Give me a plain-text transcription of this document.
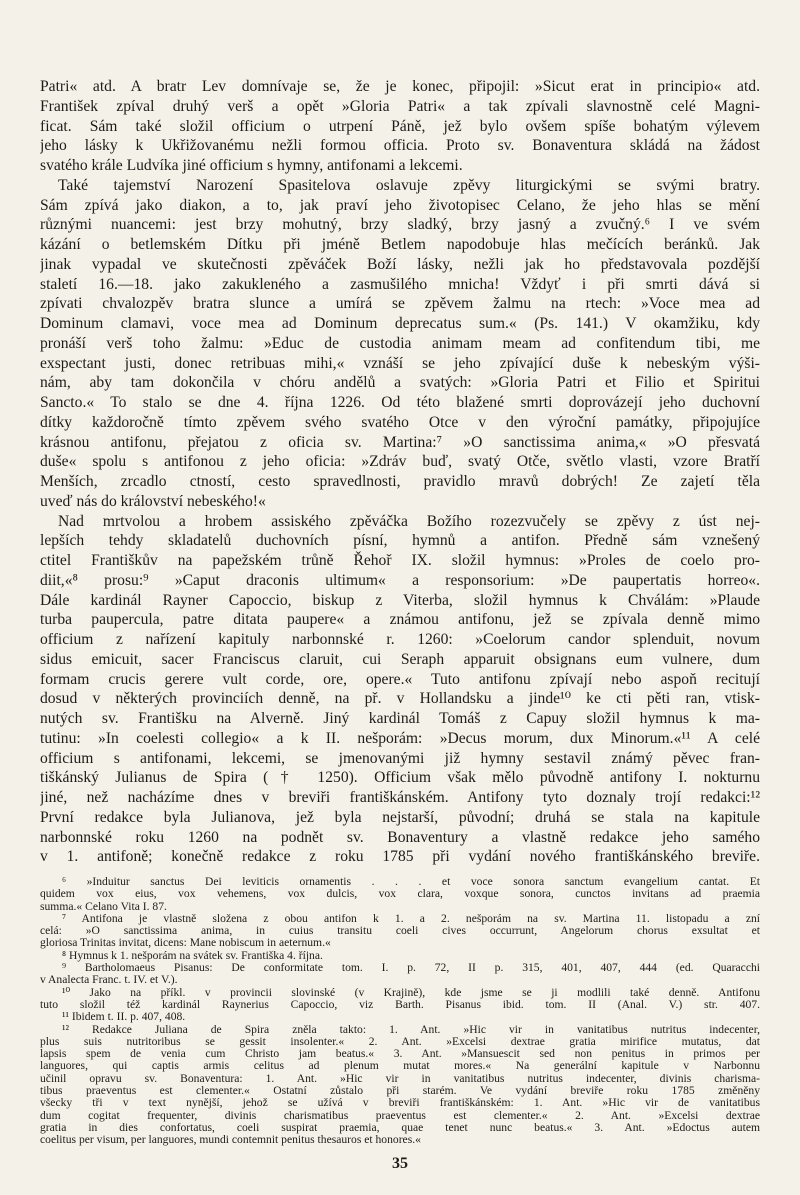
Patri« atd. A bratr Lev domnívaje se, že je konec, připojil: »Sicut erat in principio« atd.
František zpíval druhý verš a opět »Gloria Patri« a tak zpívali slavnostně celé Magni-
ficat. Sám také složil officium o utrpení Páně, jež bylo ovšem spíše bohatým výlevem
jeho lásky k Ukřižovanému nežli formou officia. Proto sv. Bonaventura skládá na žádost
svatého krále Ludvíka jiné officium s hymny, antifonami a lekcemi.
Také tajemství Narození Spasitelova oslavuje zpěvy liturgickými se svými bratry.
Sám zpívá jako diakon, a to, jak praví jeho životopisec Celano, že jeho hlas se mění
různými nuancemi: jest brzy mohutný, brzy sladký, brzy jasný a zvučný.⁶ I ve svém
kázání o betlemském Dítku při jméně Betlem napodobuje hlas mečících beránků. Jak
jinak vypadal ve skutečnosti zpěváček Boží lásky, nežli jak ho představovala pozdější
staletí 16.—18. jako zakukleného a zasmušilého mnicha! Vždyť i při smrti dává si
zpívati chvalozpěv bratra slunce a umírá se zpěvem žalmu na rtech: »Voce mea ad
Dominum clamavi, voce mea ad Dominum deprecatus sum.« (Ps. 141.) V okamžiku, kdy
pronáší verš toho žalmu: »Educ de custodia animam meam ad confitendum tibi, me
exspectant justi, donec retribuas mihi,« vznáší se jeho zpívající duše k nebeským výši-
nám, aby tam dokončila v chóru andělů a svatých: »Gloria Patri et Filio et Spiritui
Sancto.« To stalo se dne 4. října 1226. Od této blažené smrti doprovázejí jeho duchovní
dítky každoročně tímto zpěvem svého svatého Otce v den výroční památky, připojujíce
krásnou antifonu, přejatou z oficia sv. Martina:⁷ »O sanctissima anima,« »O přesvatá
duše« spolu s antifonou z jeho oficia: »Zdráv buď, svatý Otče, světlo vlasti, vzore Bratří
Menších, zrcadlo ctností, cesto spravedlnosti, pravidlo mravů dobrých! Ze zajetí těla
uveď nás do království nebeského!«
Nad mrtvolou a hrobem assiského zpěváčka Božího rozezvučely se zpěvy z úst nej-
lepších tehdy skladatelů duchovních písní, hymnů a antifon. Předně sám vznešený
ctitel Františkův na papežském trůně Řehoř IX. složil hymnus: »Proles de coelo pro-
diit,«⁸ prosu:⁹ »Caput draconis ultimum« a responsorium: »De paupertatis horreo«.
Dále kardinál Rayner Capoccio, biskup z Viterba, složil hymnus k Chválám: »Plaude
turba paupercula, patre ditata paupere« a známou antifonu, jež se zpívala denně mimo
officium z nařízení kapituly narbonnské r. 1260: »Coelorum candor splenduit, novum
sidus emicuit, sacer Franciscus claruit, cui Seraph apparuit obsignans eum vulnere, dum
formam crucis gerere vult corde, ore, opere.« Tuto antifonu zpívají nebo aspoň recitují
dosud v některých provinciích denně, na př. v Hollandsku a jinde¹⁰ ke cti pěti ran, vtisk-
nutých sv. Františku na Alverně. Jiný kardinál Tomáš z Capuy složil hymnus k ma-
tutinu: »In coelesti collegio« a k II. nešporám: »Decus morum, dux Minorum.«¹¹ A celé
officium s antifonami, lekcemi, se jmenovanými již hymny sestavil známý pěvec fran-
tiškánský Julianus de Spira († 1250). Officium však mělo původně antifony I. nokturnu
jiné, než nacházíme dnes v breviři františkánském. Antifony tyto doznaly trojí redakci:¹²
První redakce byla Julianova, jež byla nejstarší, původní; druhá se stala na kapitule
narbonnské roku 1260 na podnět sv. Bonaventury a vlastně redakce jeho samého
v 1. antifoně; konečně redakce z roku 1785 při vydání nového františkánského breviře.
⁶ »Induitur sanctus Dei leviticis ornamentis . . . et voce sonora sanctum evangelium cantat. Et
quidem vox eius, vox vehemens, vox dulcis, vox clara, voxque sonora, cunctos invitans ad praemia
summa.« Celano Vita I. 87.
⁷ Antifona je vlastně složena z obou antifon k 1. a 2. nešporám na sv. Martina 11. listopadu a zní
celá: »O sanctissima anima, in cuius transitu coeli cives occurrunt, Angelorum chorus exsultat et
gloriosa Trinitas invitat, dicens: Mane nobiscum in aeternum.«
⁸ Hymnus k 1. nešporám na svátek sv. Františka 4. října.
⁹ Bartholomaeus Pisanus: De conformitate tom. I. p. 72, II p. 315, 401, 407, 444 (ed. Quaracchi
v Analecta Franc. t. IV. et V.).
¹⁰ Jako na příkl. v provincii slovinské (v Krajině), kde jsme se ji modlili také denně. Antifonu
tuto složil též kardinál Raynerius Capoccio, viz Barth. Pisanus ibid. tom. II (Anal. V.) str. 407.
¹¹ Ibidem t. II. p. 407, 408.
¹² Redakce Juliana de Spira zněla takto: 1. Ant. »Hic vir in vanitatibus nutritus indecenter,
plus suis nutritoribus se gessit insolenter.« 2. Ant. »Excelsi dextrae gratia mirifice mutatus, dat
lapsis spem de venia cum Christo jam beatus.« 3. Ant. »Mansuescit sed non penitus in primos per
languores, qui captis armis celitus ad plenum mutat mores.« Na generální kapitule v Narbonnu
učinil opravu sv. Bonaventura: 1. Ant. »Hic vir in vanitatibus nutritus indecenter, divinis charisma-
tibus praeventus est clementer.« Ostatní zůstalo při starém. Ve vydání breviře roku 1785 změněny
všecky tři v text nynější, jehož se užívá v breviři františkánském: 1. Ant. »Hic vir de vanitatibus
dum cogitat frequenter, divinis charismatibus praeventus est clementer.« 2. Ant. »Excelsi dextrae
gratia in dies confortatus, coeli suspirat praemia, quae tenet nunc beatus.« 3. Ant. »Edoctus autem
coelitus per visum, per languores, mundi contemnit penitus thesauros et honores.«
35
